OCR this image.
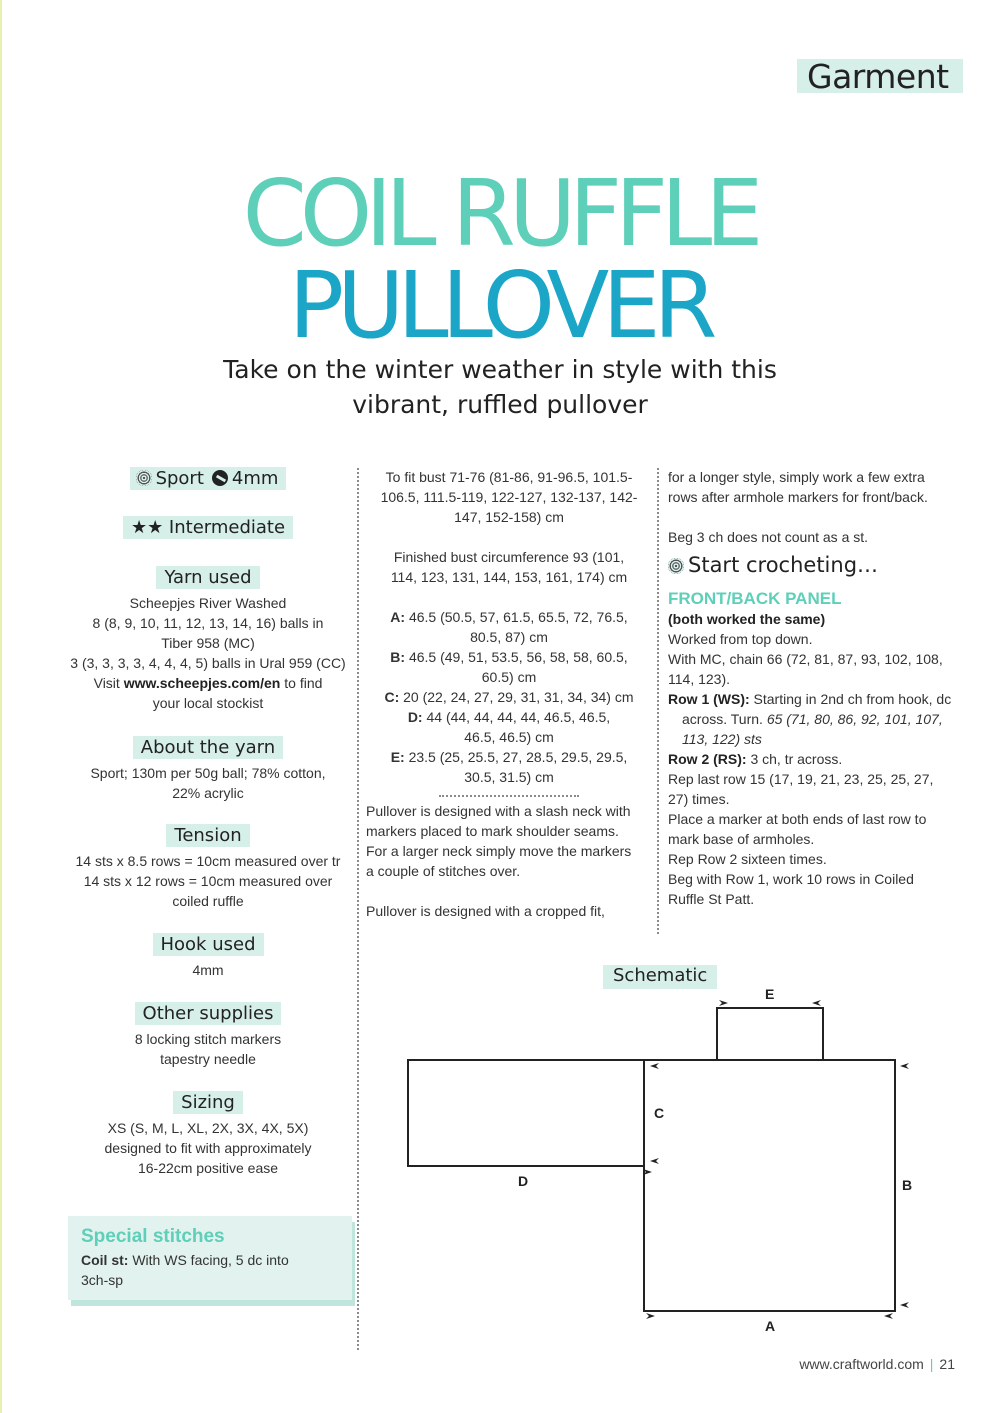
Garment
COIL RUFFLE
PULLOVER
Take on the winter weather in style with this
vibrant, ruffled pullover
Sport 4mm
★★ Intermediate
Yarn used
Scheepjes River Washed
8 (8, 9, 10, 11, 12, 13, 14, 16) balls in
Tiber 958 (MC)
3 (3, 3, 3, 3, 4, 4, 4, 5) balls in Ural 959 (CC)
Visit www.scheepjes.com/en to find
your local stockist
About the yarn
Sport; 130m per 50g ball; 78% cotton,
22% acrylic
Tension
14 sts x 8.5 rows = 10cm measured over tr
14 sts x 12 rows = 10cm measured over
coiled ruffle
Hook used
4mm
Other supplies
8 locking stitch markers
tapestry needle
Sizing
XS (S, M, L, XL, 2X, 3X, 4X, 5X)
designed to fit with approximately
16-22cm positive ease
Special stitches
Coil st: With WS facing, 5 dc into
3ch-sp
To fit bust 71-76 (81-86, 91-96.5, 101.5-
106.5, 111.5-119, 122-127, 132-137, 142-
147, 152-158) cm
Finished bust circumference 93 (101,
114, 123, 131, 144, 153, 161, 174) cm
A: 46.5 (50.5, 57, 61.5, 65.5, 72, 76.5,
80.5, 87) cm
B: 46.5 (49, 51, 53.5, 56, 58, 58, 60.5,
60.5) cm
C: 20 (22, 24, 27, 29, 31, 31, 34, 34) cm
D: 44 (44, 44, 44, 44, 46.5, 46.5,
46.5, 46.5) cm
E: 23.5 (25, 25.5, 27, 28.5, 29.5, 29.5,
30.5, 31.5) cm
Pullover is designed with a slash neck with
markers placed to mark shoulder seams.
For a larger neck simply move the markers
a couple of stitches over.
Pullover is designed with a cropped fit,
for a longer style, simply work a few extra
rows after armhole markers for front/back.
Beg 3 ch does not count as a st.
Start crocheting…
FRONT/BACK PANEL
(both worked the same)
Worked from top down.
With MC, chain 66 (72, 81, 87, 93, 102, 108,
114, 123).
Row 1 (WS): Starting in 2nd ch from hook, dc across. Turn. 65 (71, 80, 86, 92, 101, 107, 113, 122) sts
Row 2 (RS): 3 ch, tr across.
Rep last row 15 (17, 19, 21, 23, 25, 25, 27,
27) times.
Place a marker at both ends of last row to
mark base of armholes.
Rep Row 2 sixteen times.
Beg with Row 1, work 10 rows in Coiled
Ruffle St Patt.
Schematic
E
C
D	B
A
www.craftworld.com | 21
